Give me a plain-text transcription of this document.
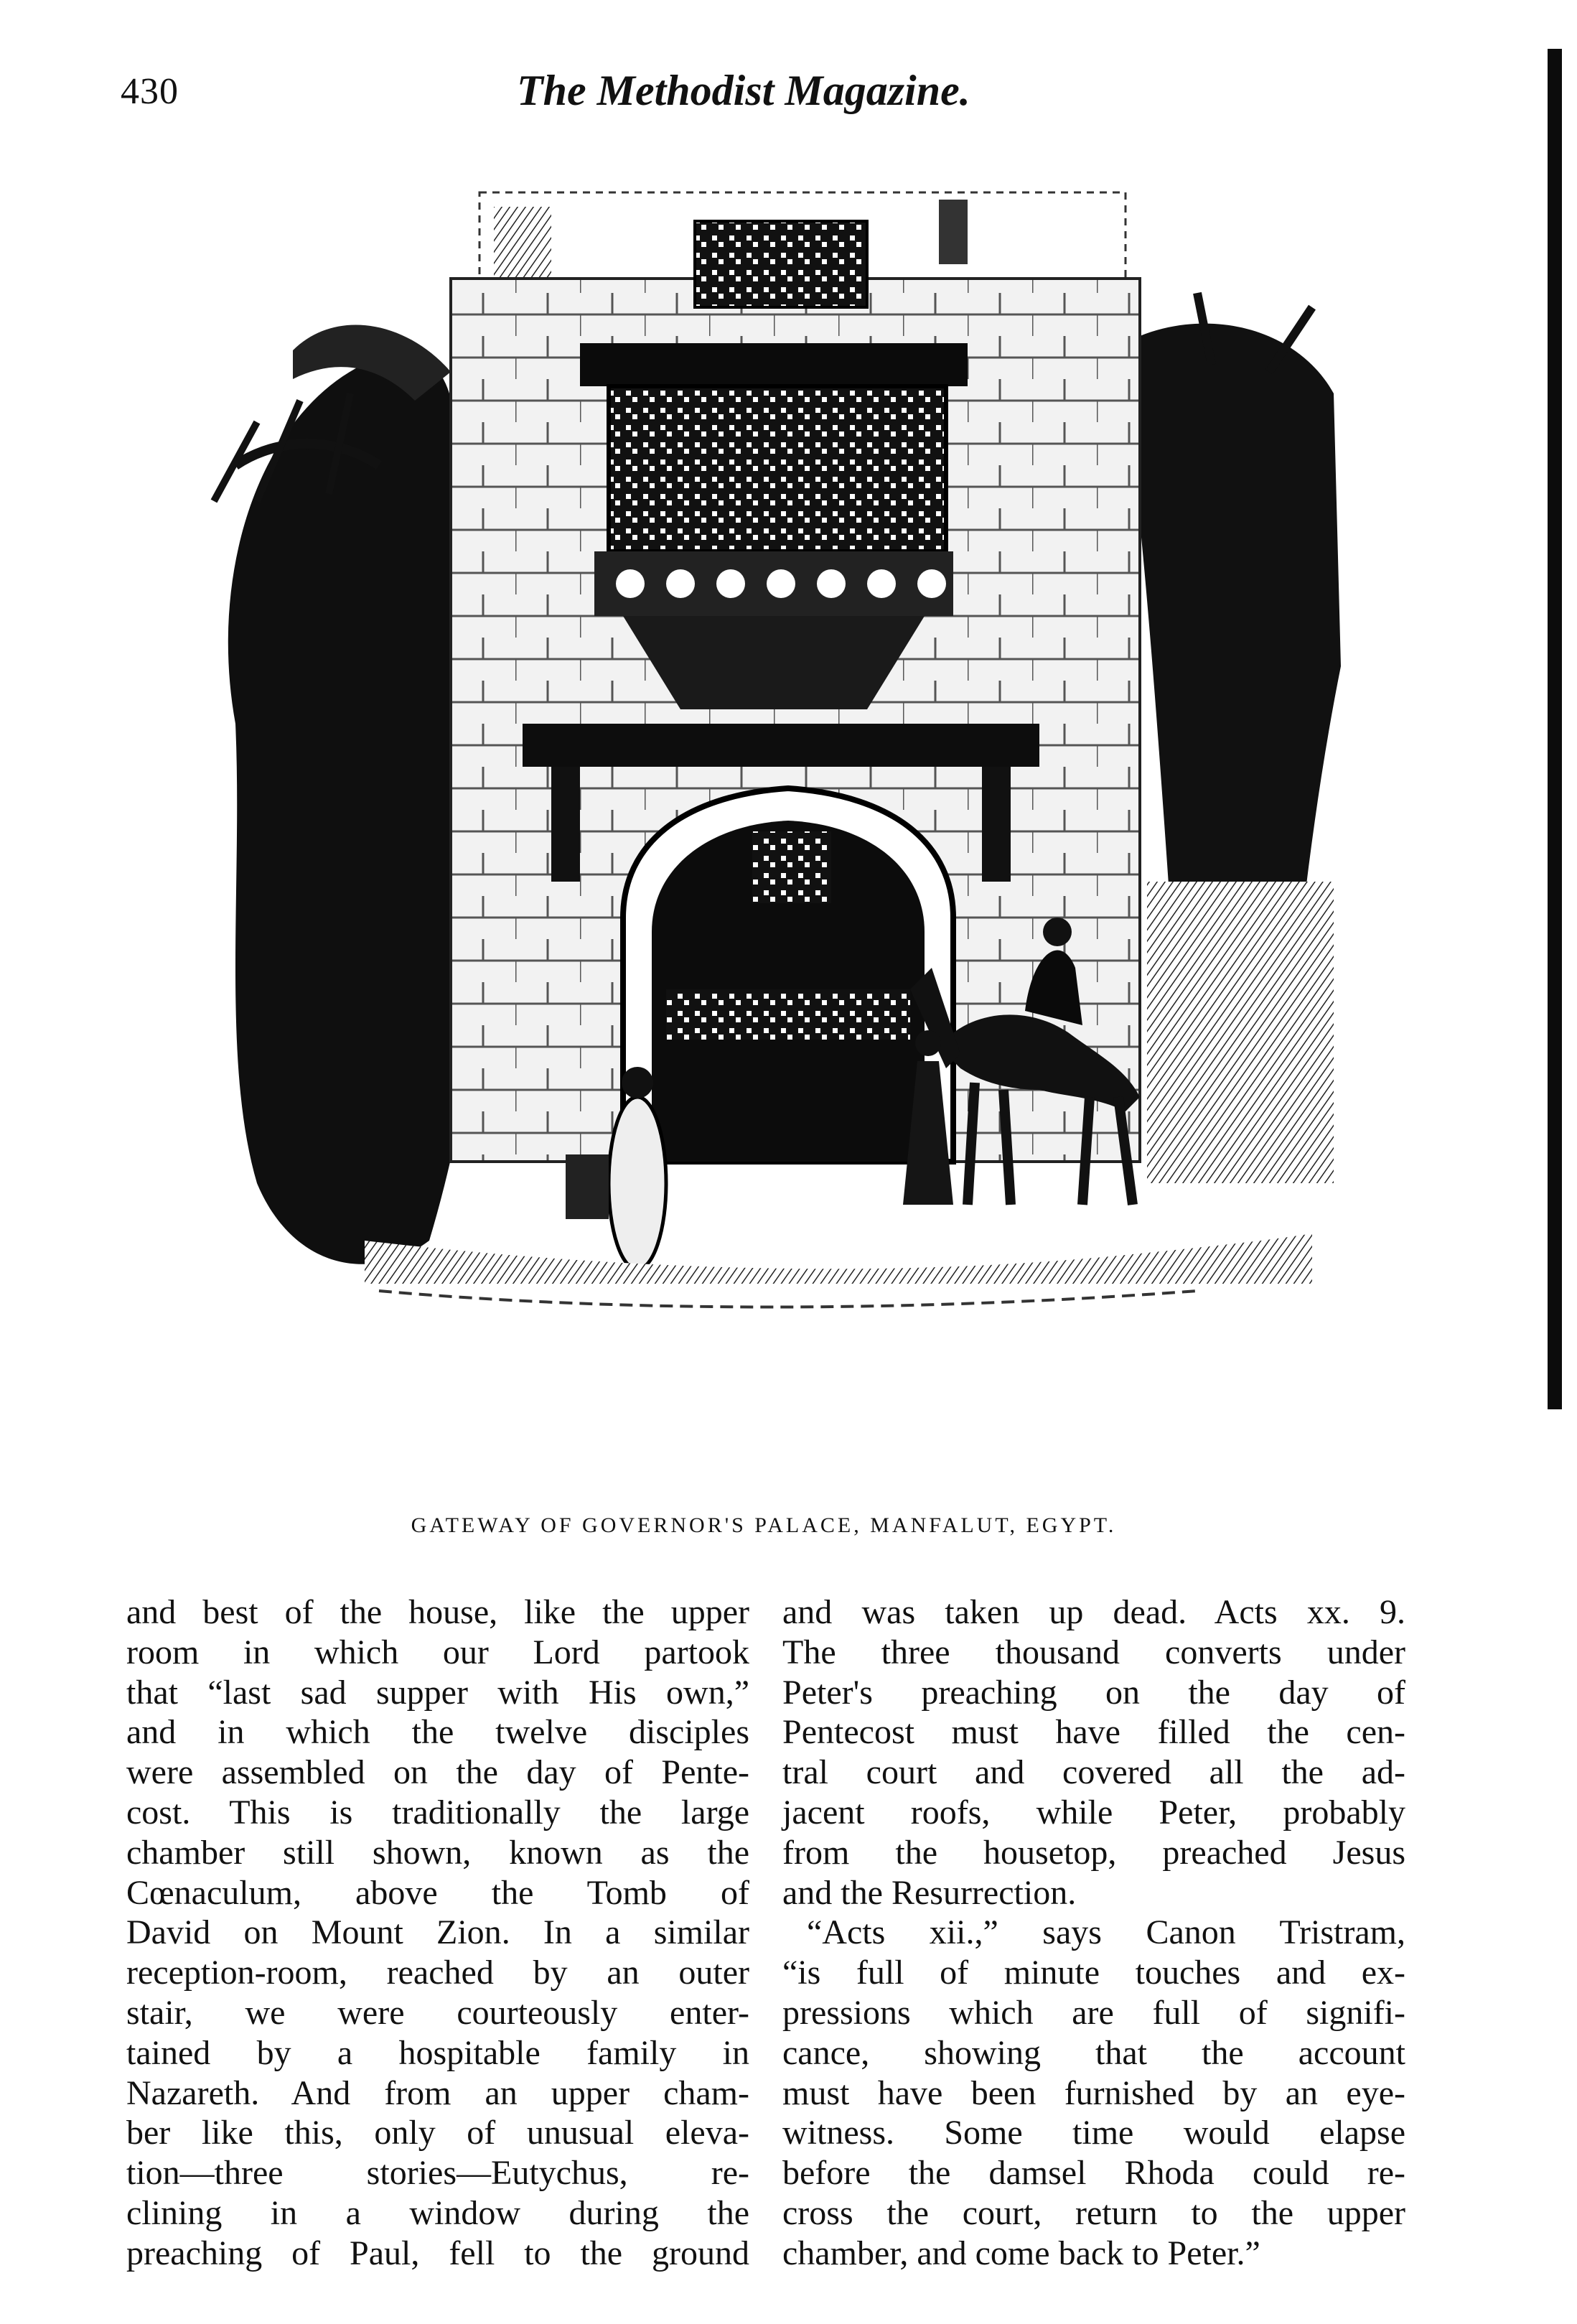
430	The Methodist Magazine.
GATEWAY OF GOVERNOR'S PALACE, MANFALUT, EGYPT.
and best of the house, like the upper
room in which our Lord partook
that “last sad supper with His own,”
and in which the twelve disciples
were assembled on the day of Pente-
cost. This is traditionally the large
chamber still shown, known as the
Cœnaculum, above the Tomb of
David on Mount Zion. In a similar
reception-room, reached by an outer
stair, we were courteously enter-
tained by a hospitable family in
Nazareth. And from an upper cham-
ber like this, only of unusual eleva-
tion—three stories—Eutychus, re-
clining in a window during the
preaching of Paul, fell to the ground
and was taken up dead. Acts xx. 9.
The three thousand converts under
Peter's preaching on the day of
Pentecost must have filled the cen-
tral court and covered all the ad-
jacent roofs, while Peter, probably
from the housetop, preached Jesus
and the Resurrection.
“Acts xii.,” says Canon Tristram,
“is full of minute touches and ex-
pressions which are full of signifi-
cance, showing that the account
must have been furnished by an eye-
witness. Some time would elapse
before the damsel Rhoda could re-
cross the court, return to the upper
chamber, and come back to Peter.”
